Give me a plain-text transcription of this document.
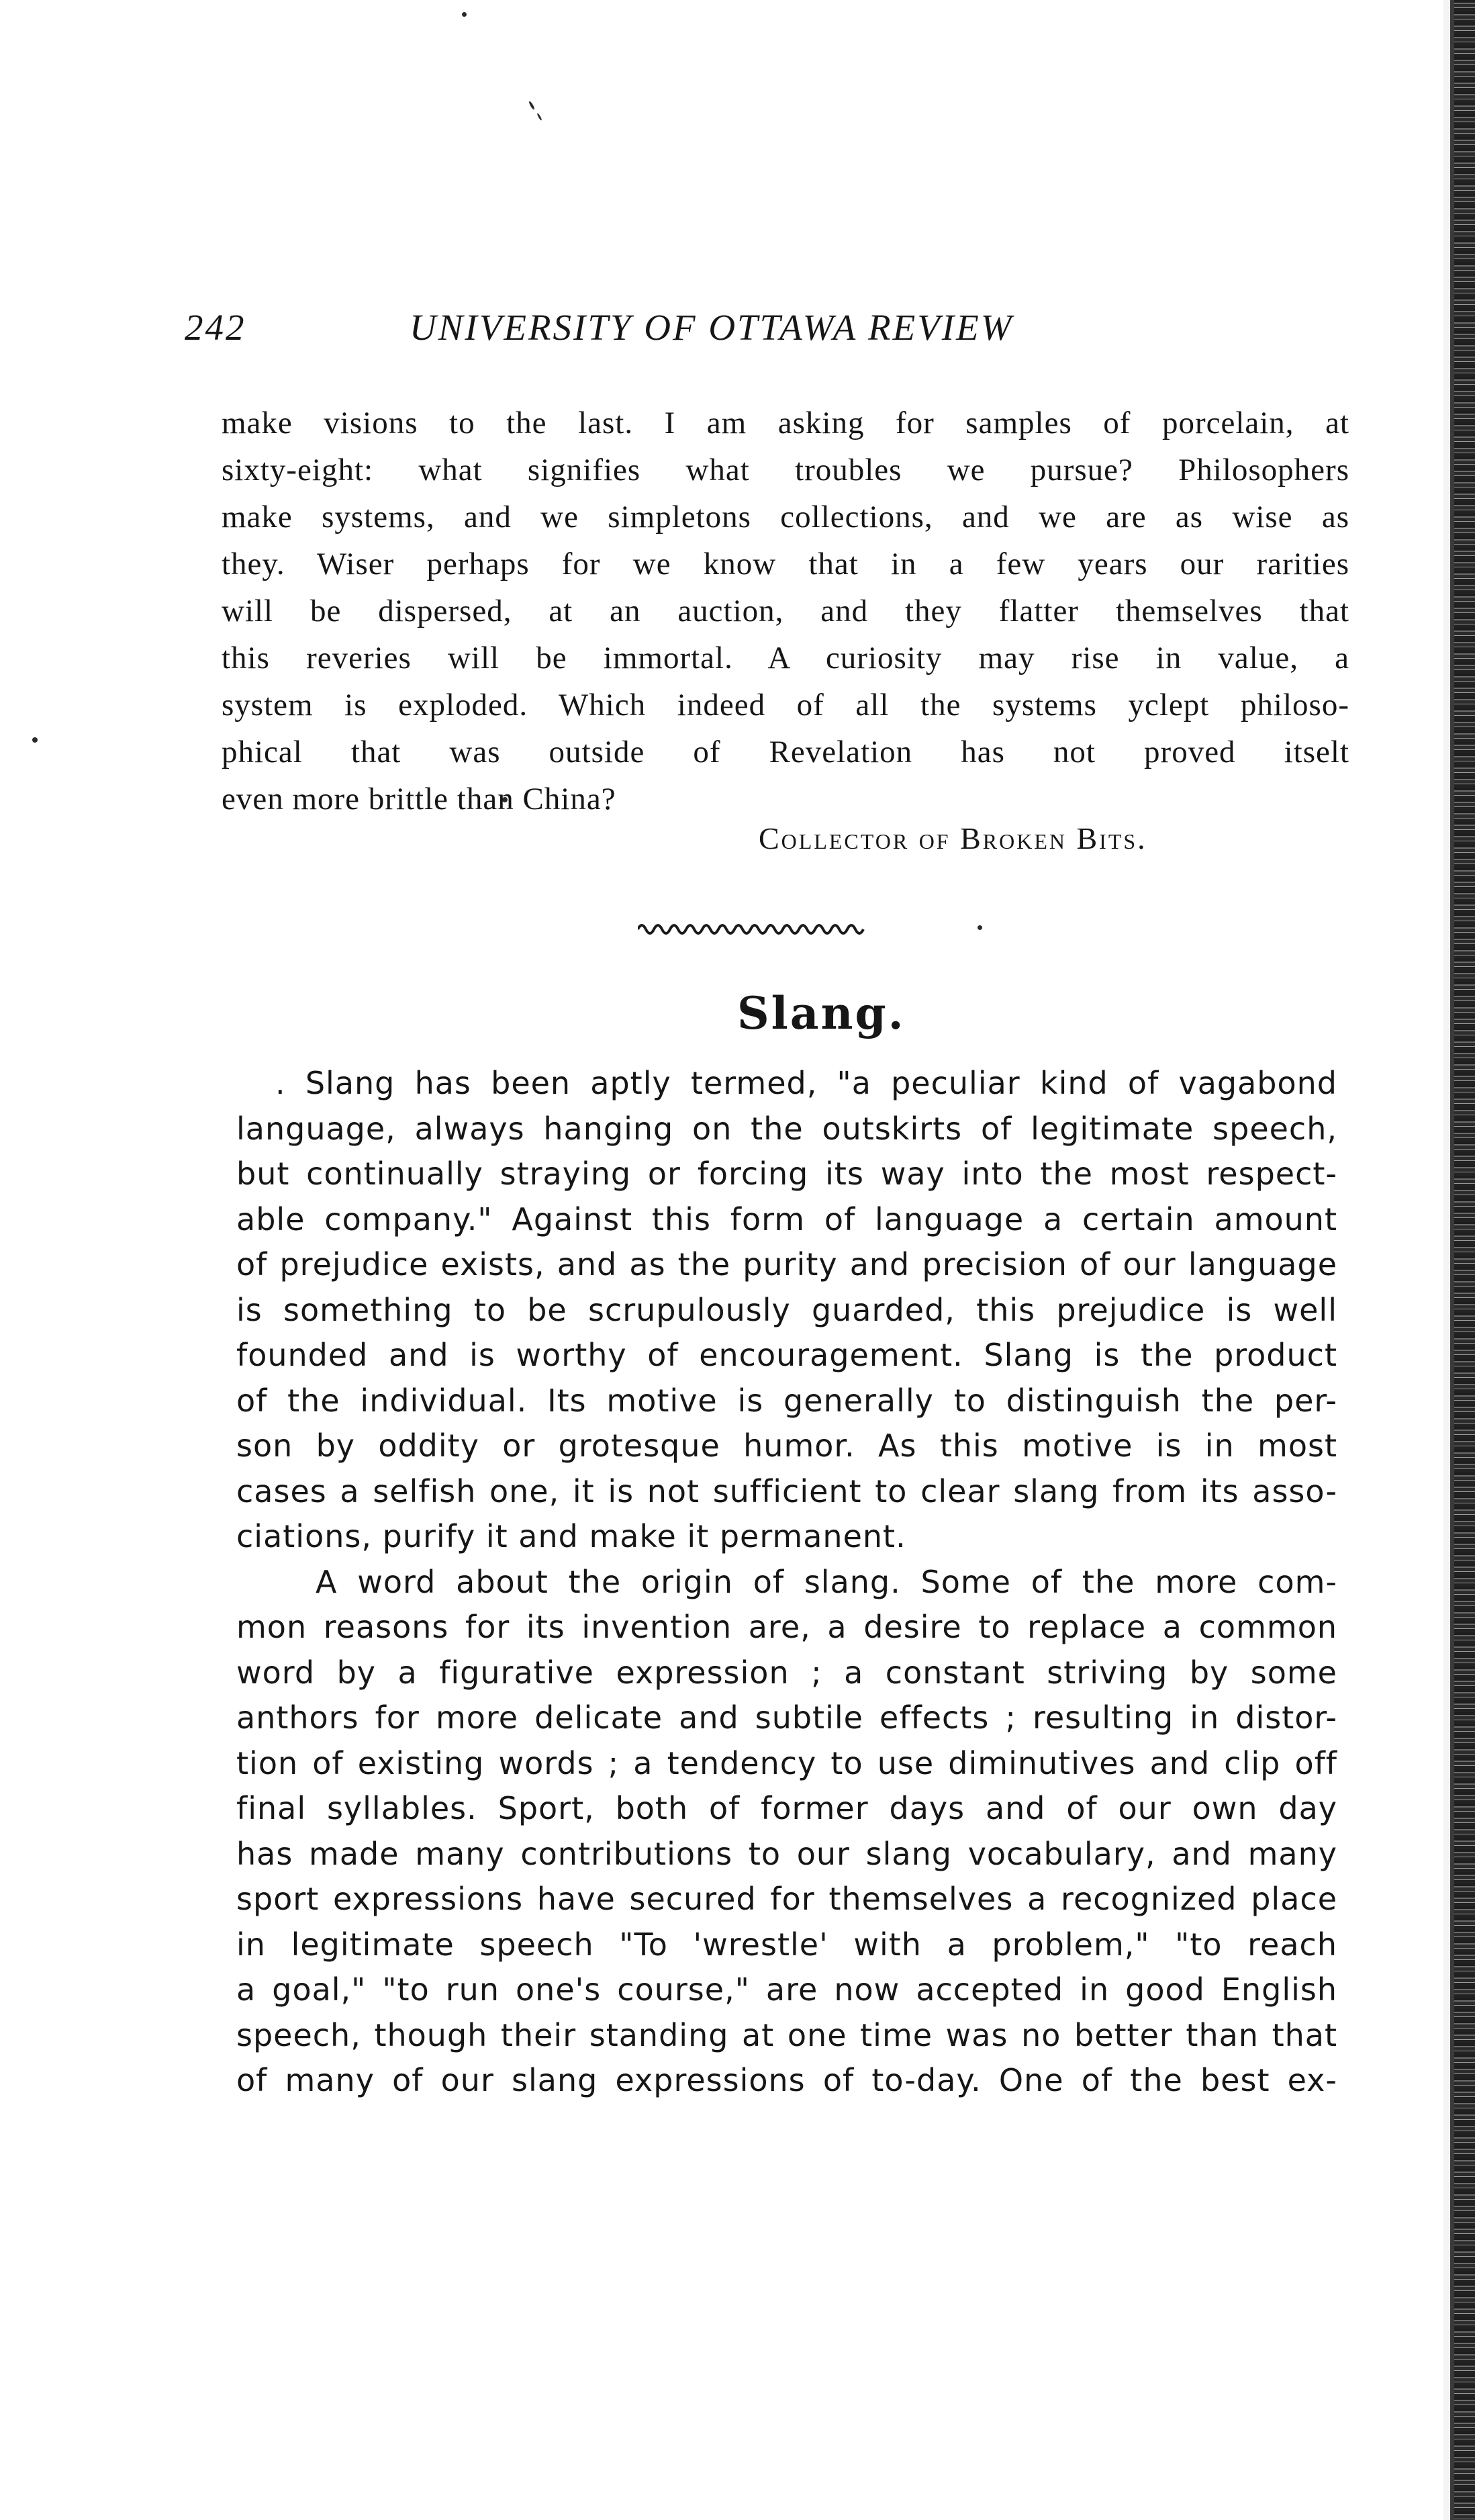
242	UNIVERSITY OF OTTAWA REVIEW
make visions to the last. I am asking for samples of porcelain, at
sixty-eight: what signifies what troubles we pursue? Philosophers
make systems, and we simpletons collections, and we are as wise as
they. Wiser perhaps for we know that in a few years our rarities
will be dispersed, at an auction, and they flatter themselves that
this reveries will be immortal. A curiosity may rise in value, a
system is exploded. Which indeed of all the systems yclept philoso-
phical that was outside of Revelation has not proved itselt
even more brittle than China?
Collector of Broken Bits.
Slang.
. Slang has been aptly termed, "a peculiar kind of vagabond
language, always hanging on the outskirts of legitimate speech,
but continually straying or forcing its way into the most respect-
able company." Against this form of language a certain amount
of prejudice exists, and as the purity and precision of our language
is something to be scrupulously guarded, this prejudice is well
founded and is worthy of encouragement. Slang is the product
of the individual. Its motive is generally to distinguish the per-
son by oddity or grotesque humor. As this motive is in most
cases a selfish one, it is not sufficient to clear slang from its asso-
ciations, purify it and make it permanent.
A word about the origin of slang. Some of the more com-
mon reasons for its invention are, a desire to replace a common
word by a figurative expression ; a constant striving by some
anthors for more delicate and subtile effects ; resulting in distor-
tion of existing words ; a tendency to use diminutives and clip off
final syllables. Sport, both of former days and of our own day
has made many contributions to our slang vocabulary, and many
sport expressions have secured for themselves a recognized place
in legitimate speech "To 'wrestle' with a problem," "to reach
a goal," "to run one's course," are now accepted in good English
speech, though their standing at one time was no better than that
of many of our slang expressions of to-day. One of the best ex-
